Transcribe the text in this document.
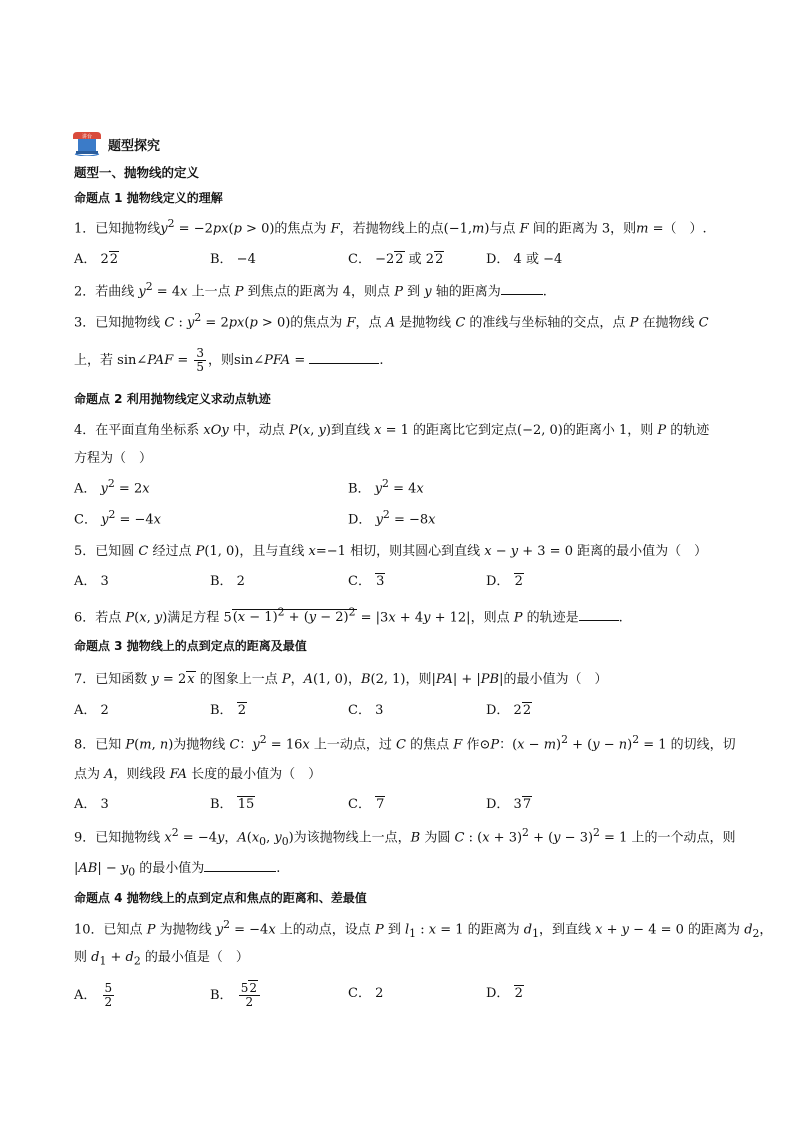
讲台
题型探究
题型一、抛物线的定义
命题点 1 抛物线定义的理解
1．已知抛物线$y^2 = -2px(p > 0)$的焦点为 F，若抛物线上的点(−1,m)与点 F 间的距离为 3，则m =（　）.
A． 22	B． −4	C． −22 或 22	D． 4 或 −4
2．若曲线 $y^2 = 4x$ 上一点 P 到焦点的距离为 4，则点 P 到 y 轴的距离为	.
3．已知抛物线 C : $y^2 = 2px(p > 0)$的焦点为 F，点 A 是抛物线 C 的准线与坐标轴的交点，点 P 在抛物线 C
上，若 sin∠PAF = $\frac{3}{5}$ ，则sin∠PFA =	.
命题点 2 利用抛物线定义求动点轨迹
4．在平面直角坐标系 xOy 中，动点 P(x, y)到直线 x = 1 的距离比它到定点(−2, 0)的距离小 1，则 P 的轨迹
方程为（　）
A． $y^2 = 2x$	B． $y^2 = 4x$
C． $y^2 = -4x$	D． $y^2 = -8x$
5．已知圆 C 经过点 P(1, 0)，且与直线 x=−1 相切，则其圆心到直线 x − y + 3 = 0 距离的最小值为（　）
A． 3	B． 2	C． 3	D． 2
6．若点 P(x, y)满足方程 $5(x - 1)^2 + (y - 2)^2 = |3x + 4y + 12|$，则点 P 的轨迹是	.
命题点 3 抛物线上的点到定点的距离及最值
7．已知函数 y = 2x 的图象上一点 P，A(1, 0)，B(2, 1)，则|PA| + |PB|的最小值为（　）
A． 2	B． 2	C． 3	D． 22
8．已知 P(m, n)为抛物线 C：$y^2 = 16x$ 上一动点，过 C 的焦点 F 作⊙P：$(x - m)^2 + (y - n)^2 = 1$ 的切线，切
点为 A，则线段 FA 长度的最小值为（　）
A． 3	B． 15	C． 7	D． 37
9．已知抛物线 $x^2 = -4y$，$A(x_0$, $y_0$)为该抛物线上一点，B 为圆 C : $(x + 3)^2 + (y - 3)^2 = 1$ 上的一个动点，则
$|AB| - y_0$ 的最小值为	.
命题点 4 抛物线上的点到定点和焦点的距离和、差最值
10．已知点 P 为抛物线 $y^2 = -4x$ 上的动点，设点 P 到 $l_1$ : x = 1 的距离为 $d_1$，到直线 x + y − 4 = 0 的距离为 $d_2$，
则 $d_1 + d_2$ 的最小值是（　）
A． $\frac{5}{2}$	B． $\frac{52}{2}$	C． 2	D． 2
